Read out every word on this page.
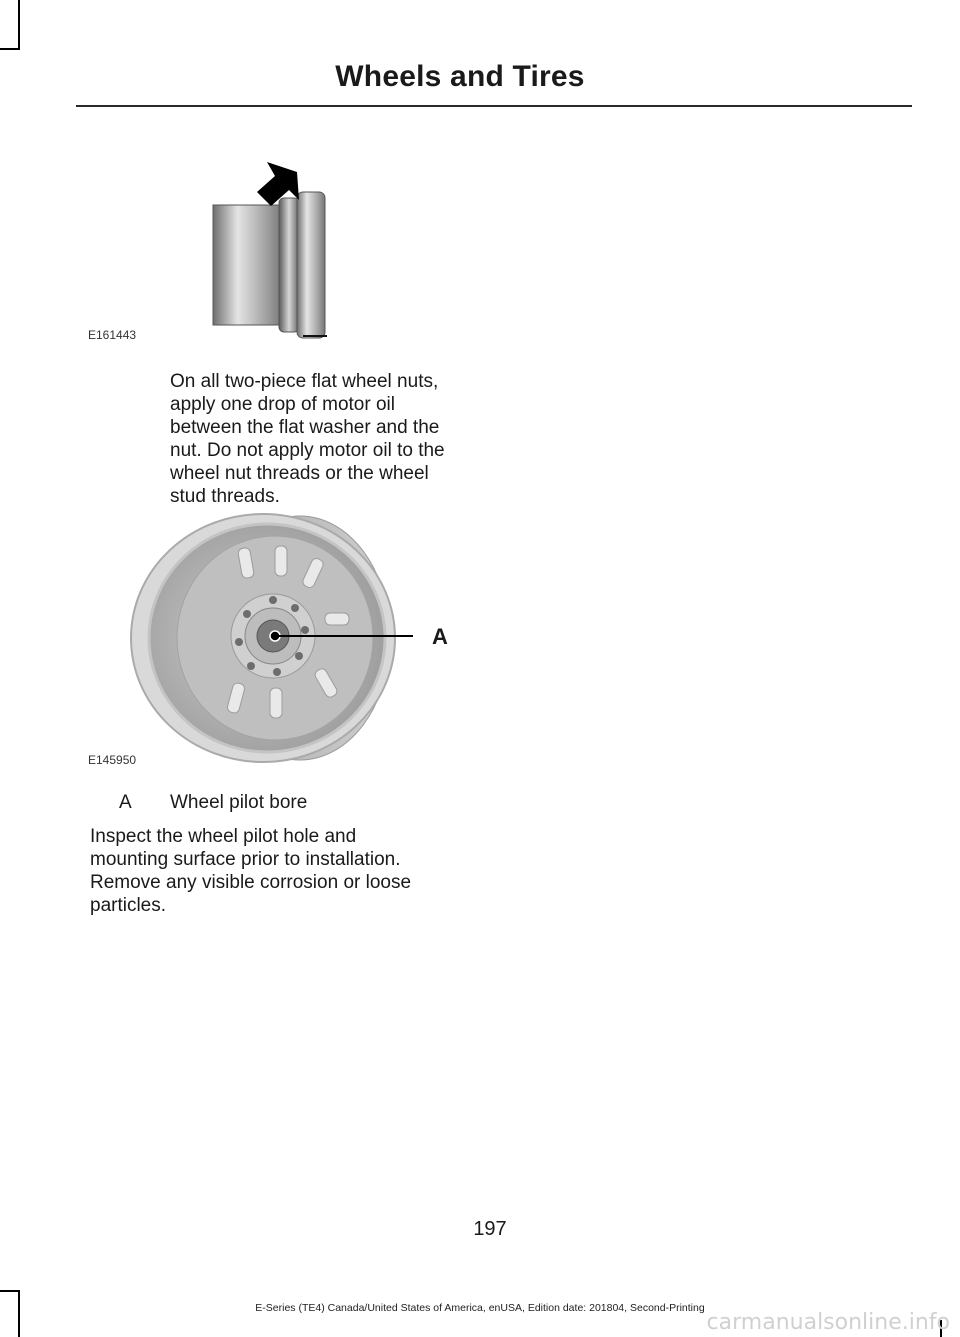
Wheels and Tires
E161443
On all two-piece flat wheel nuts,
apply one drop of motor oil
between the flat washer and the
nut. Do not apply motor oil to the
wheel nut threads or the wheel
stud threads.
A
E145950
A Wheel pilot bore
Inspect the wheel pilot hole and
mounting surface prior to installation.
Remove any visible corrosion or loose
particles.
197
E-Series (TE4) Canada/United States of America, enUSA, Edition date: 201804, Second-Printing
carmanualsonline.info
